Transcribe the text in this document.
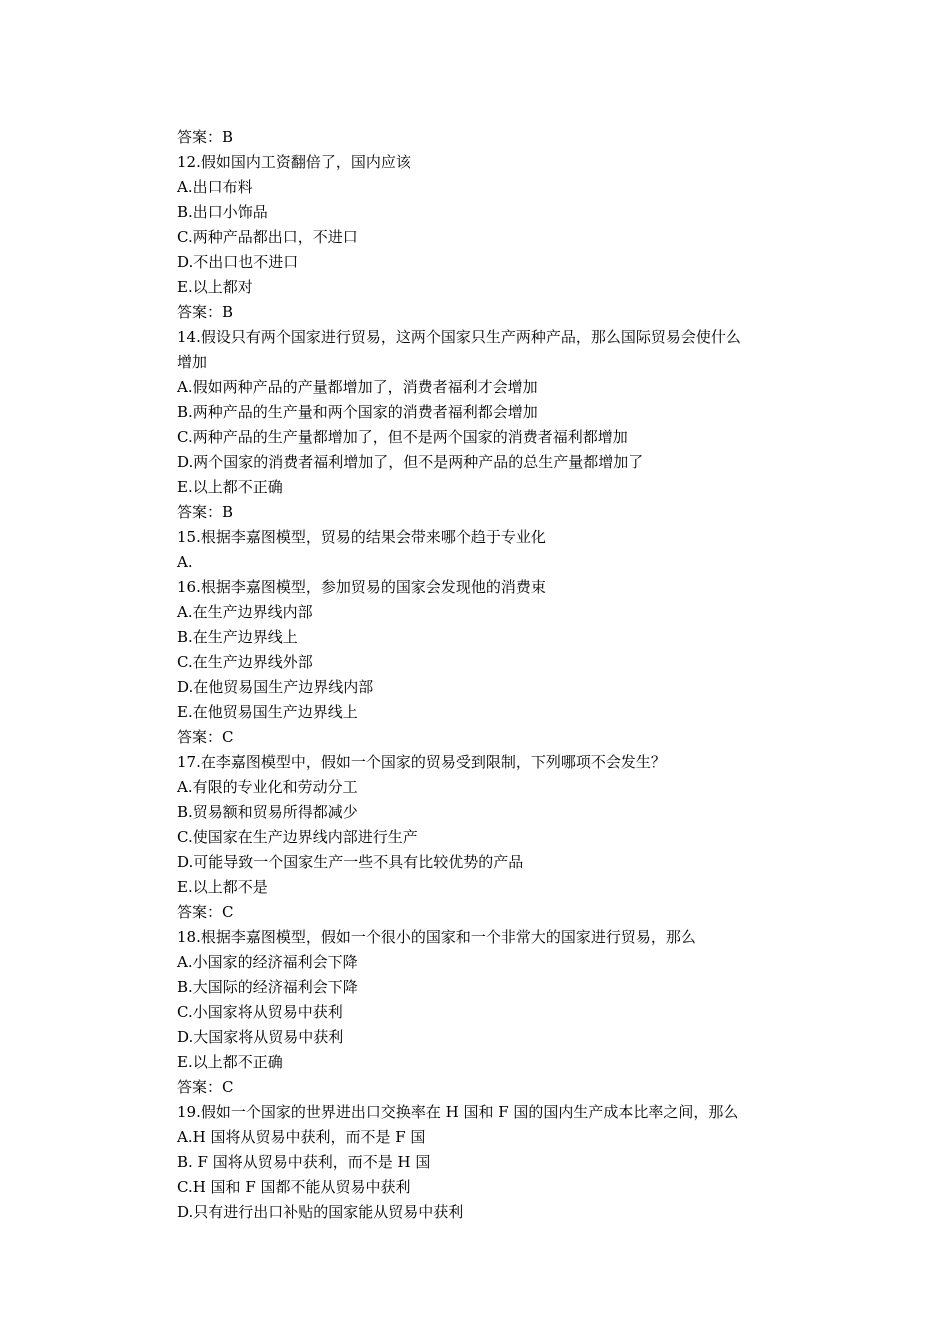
答案：B

12.假如国内工资翻倍了，国内应该

A.出口布料

B.出口小饰品

C.两种产品都出口，不进口

D.不出口也不进口

E.以上都对

答案：B

14.假设只有两个国家进行贸易，这两个国家只生产两种产品，那么国际贸易会使什么

增加

A.假如两种产品的产量都增加了，消费者福利才会增加

B.两种产品的生产量和两个国家的消费者福利都会增加

C.两种产品的生产量都增加了，但不是两个国家的消费者福利都增加

D.两个国家的消费者福利增加了，但不是两种产品的总生产量都增加了

E.以上都不正确

答案：B

15.根据李嘉图模型，贸易的结果会带来哪个趋于专业化

A.

16.根据李嘉图模型，参加贸易的国家会发现他的消费束

A.在生产边界线内部

B.在生产边界线上

C.在生产边界线外部

D.在他贸易国生产边界线内部

E.在他贸易国生产边界线上

答案：C

17.在李嘉图模型中，假如一个国家的贸易受到限制，下列哪项不会发生？

A.有限的专业化和劳动分工

B.贸易额和贸易所得都减少

C.使国家在生产边界线内部进行生产

D.可能导致一个国家生产一些不具有比较优势的产品

E.以上都不是

答案：C

18.根据李嘉图模型，假如一个很小的国家和一个非常大的国家进行贸易，那么

A.小国家的经济福利会下降

B.大国际的经济福利会下降

C.小国家将从贸易中获利

D.大国家将从贸易中获利

E.以上都不正确

答案：C

19.假如一个国家的世界进出口交换率在 H 国和 F 国的国内生产成本比率之间，那么

A.H 国将从贸易中获利，而不是 F 国

B. F 国将从贸易中获利，而不是 H 国

C.H 国和 F 国都不能从贸易中获利

D.只有进行出口补贴的国家能从贸易中获利
